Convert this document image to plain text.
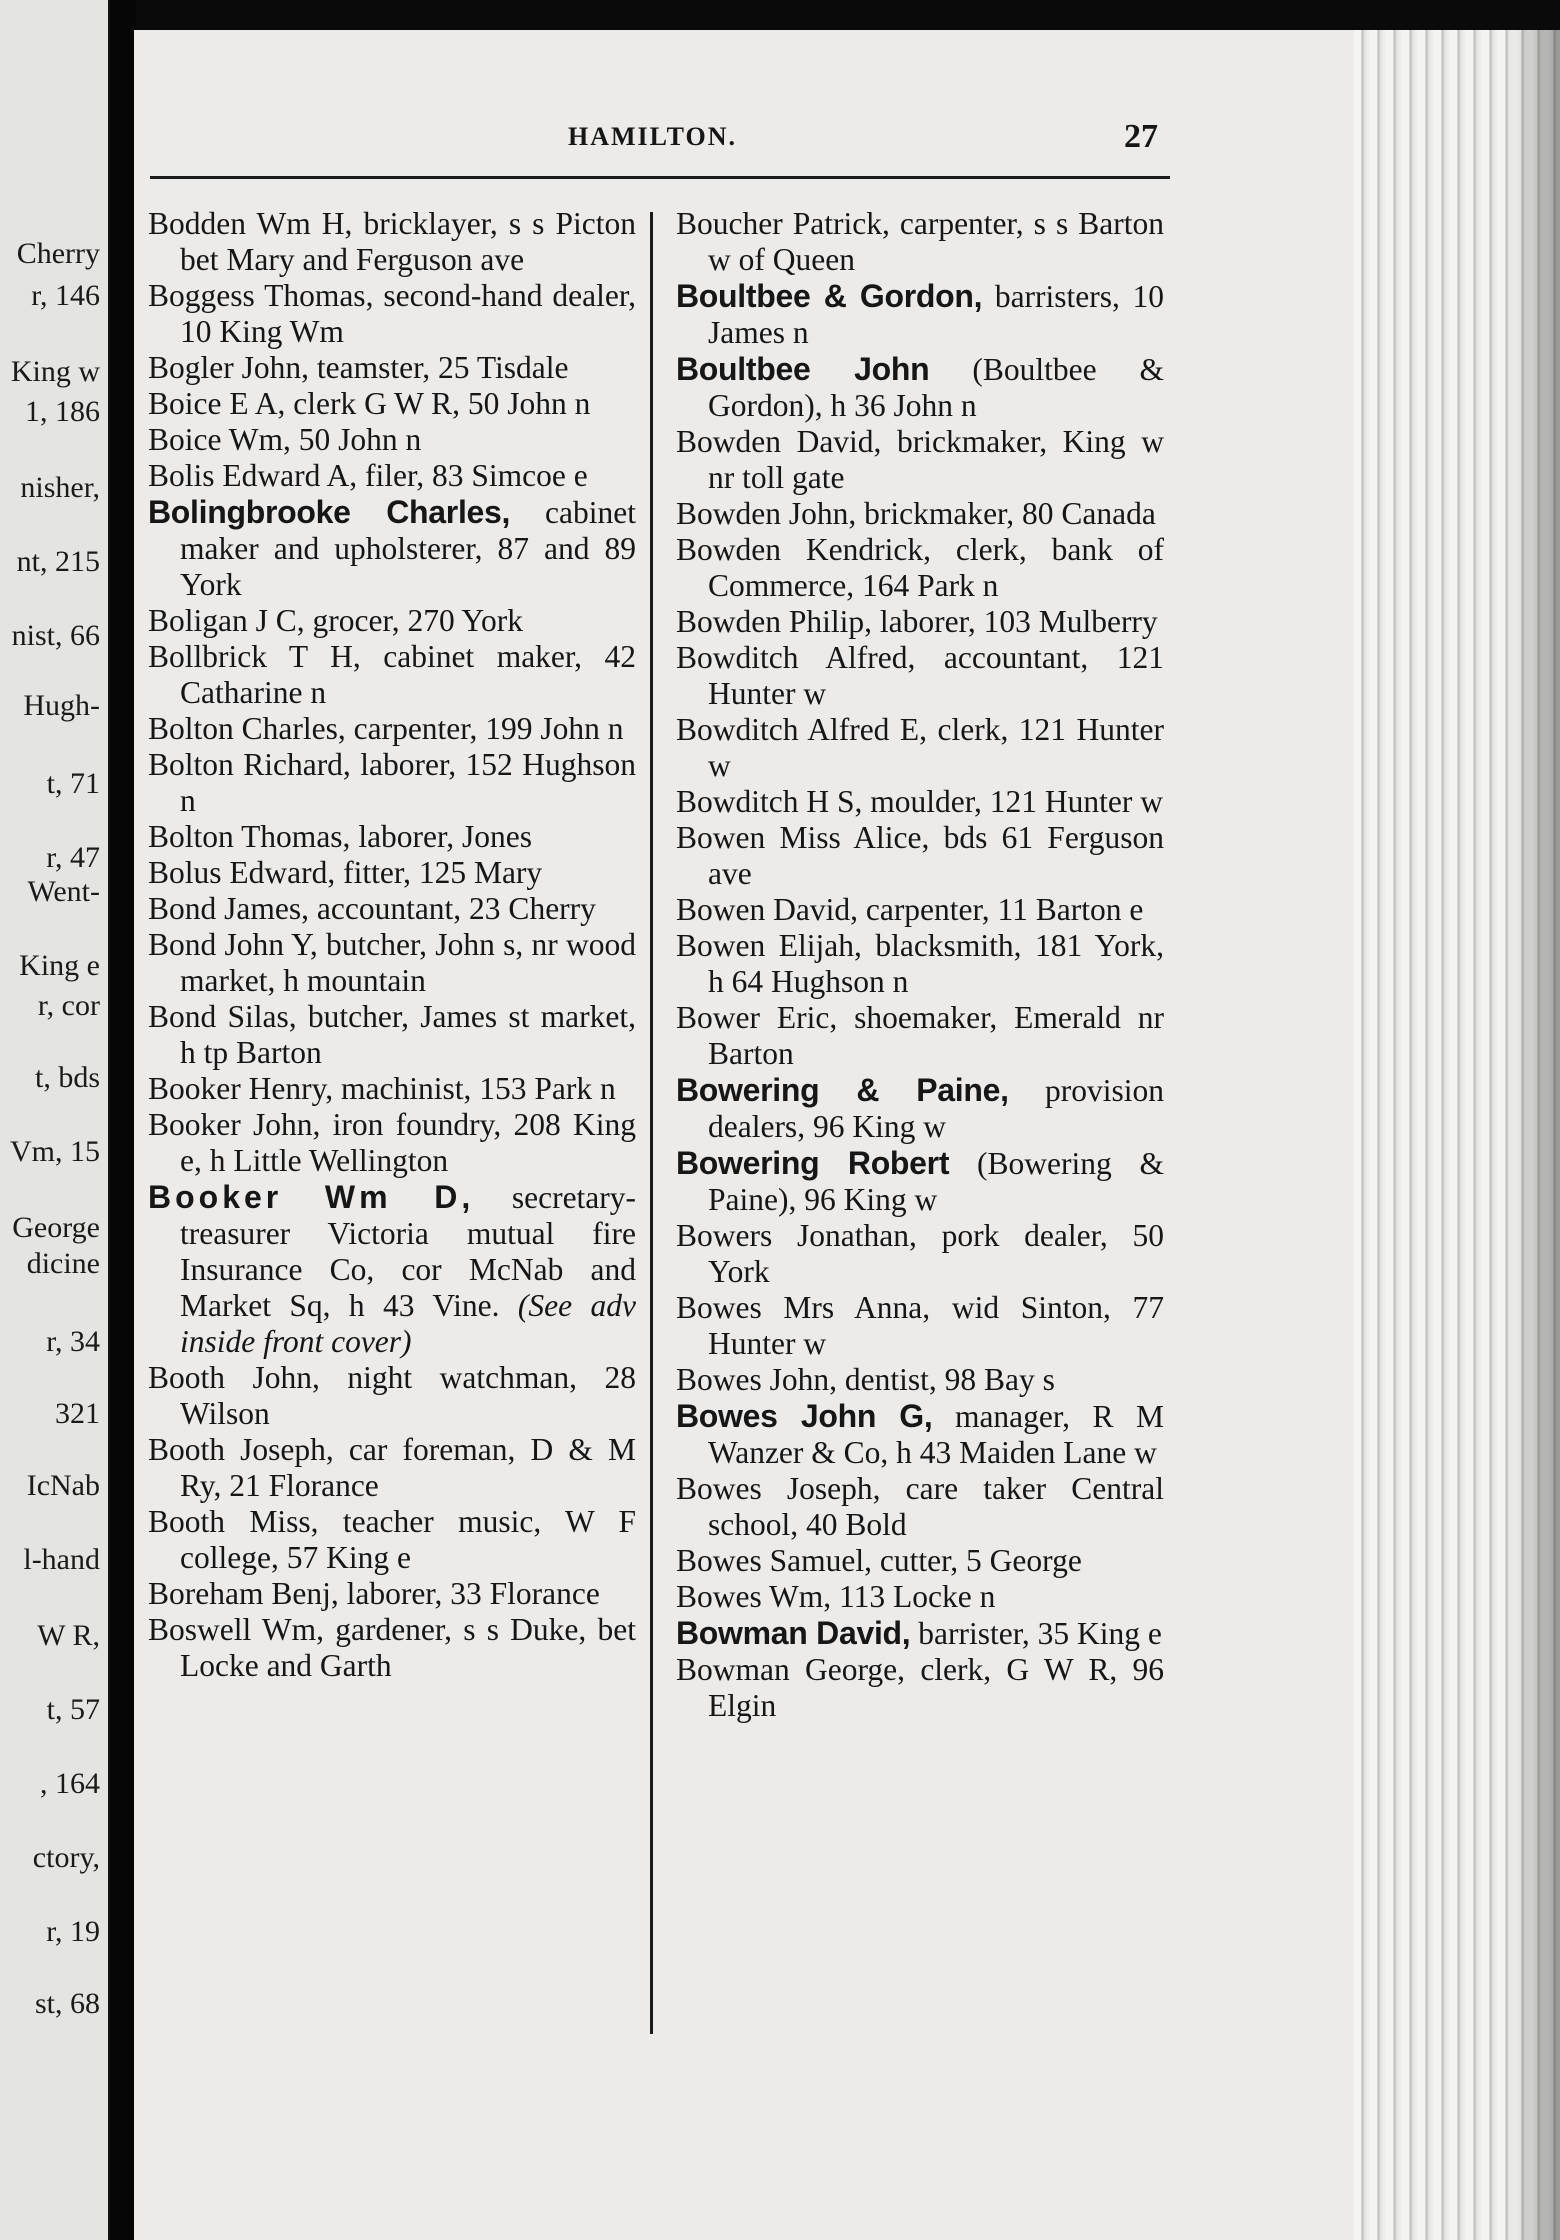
Cherry
r, 146
King w
1, 186
nisher,
nt, 215
nist, 66
Hugh-
t, 71
r, 47
Went-
King e
r, cor
t, bds
Vm, 15
George
dicine
r, 34
321
IcNab
l-hand
W R,
t, 57
, 164
ctory,
r, 19
st, 68
HAMILTON.	27
Bodden Wm H, bricklayer, s s Picton bet Mary and Ferguson ave
Boggess Thomas, second-hand dealer, 10 King Wm
Bogler John, teamster, 25 Tisdale
Boice E A, clerk G W R, 50 John n
Boice Wm, 50 John n
Bolis Edward A, filer, 83 Simcoe e
Bolingbrooke Charles, cabinet maker and upholsterer, 87 and 89 York
Boligan J C, grocer, 270 York
Bollbrick T H, cabinet maker, 42 Catharine n
Bolton Charles, carpenter, 199 John n
Bolton Richard, laborer, 152 Hughson n
Bolton Thomas, laborer, Jones
Bolus Edward, fitter, 125 Mary
Bond James, accountant, 23 Cherry
Bond John Y, butcher, John s, nr wood market, h mountain
Bond Silas, butcher, James st market, h tp Barton
Booker Henry, machinist, 153 Park n
Booker John, iron foundry, 208 King e, h Little Wellington
Booker Wm D, secretary-treasurer Victoria mutual fire Insurance Co, cor McNab and Market Sq, h 43 Vine. (See adv inside front cover)
Booth John, night watchman, 28 Wilson
Booth Joseph, car foreman, D & M Ry, 21 Florance
Booth Miss, teacher music, W F college, 57 King e
Boreham Benj, laborer, 33 Florance
Boswell Wm, gardener, s s Duke, bet Locke and Garth
Boucher Patrick, carpenter, s s Barton w of Queen
Boultbee & Gordon, barristers, 10 James n
Boultbee John (Boultbee & Gordon), h 36 John n
Bowden David, brickmaker, King w nr toll gate
Bowden John, brickmaker, 80 Canada
Bowden Kendrick, clerk, bank of Commerce, 164 Park n
Bowden Philip, laborer, 103 Mulberry
Bowditch Alfred, accountant, 121 Hunter w
Bowditch Alfred E, clerk, 121 Hunter w
Bowditch H S, moulder, 121 Hunter w
Bowen Miss Alice, bds 61 Ferguson ave
Bowen David, carpenter, 11 Barton e
Bowen Elijah, blacksmith, 181 York, h 64 Hughson n
Bower Eric, shoemaker, Emerald nr Barton
Bowering & Paine, provision dealers, 96 King w
Bowering Robert (Bowering & Paine), 96 King w
Bowers Jonathan, pork dealer, 50 York
Bowes Mrs Anna, wid Sinton, 77 Hunter w
Bowes John, dentist, 98 Bay s
Bowes John G, manager, R M Wanzer & Co, h 43 Maiden Lane w
Bowes Joseph, care taker Central school, 40 Bold
Bowes Samuel, cutter, 5 George
Bowes Wm, 113 Locke n
Bowman David, barrister, 35 King e
Bowman George, clerk, G W R, 96 Elgin
